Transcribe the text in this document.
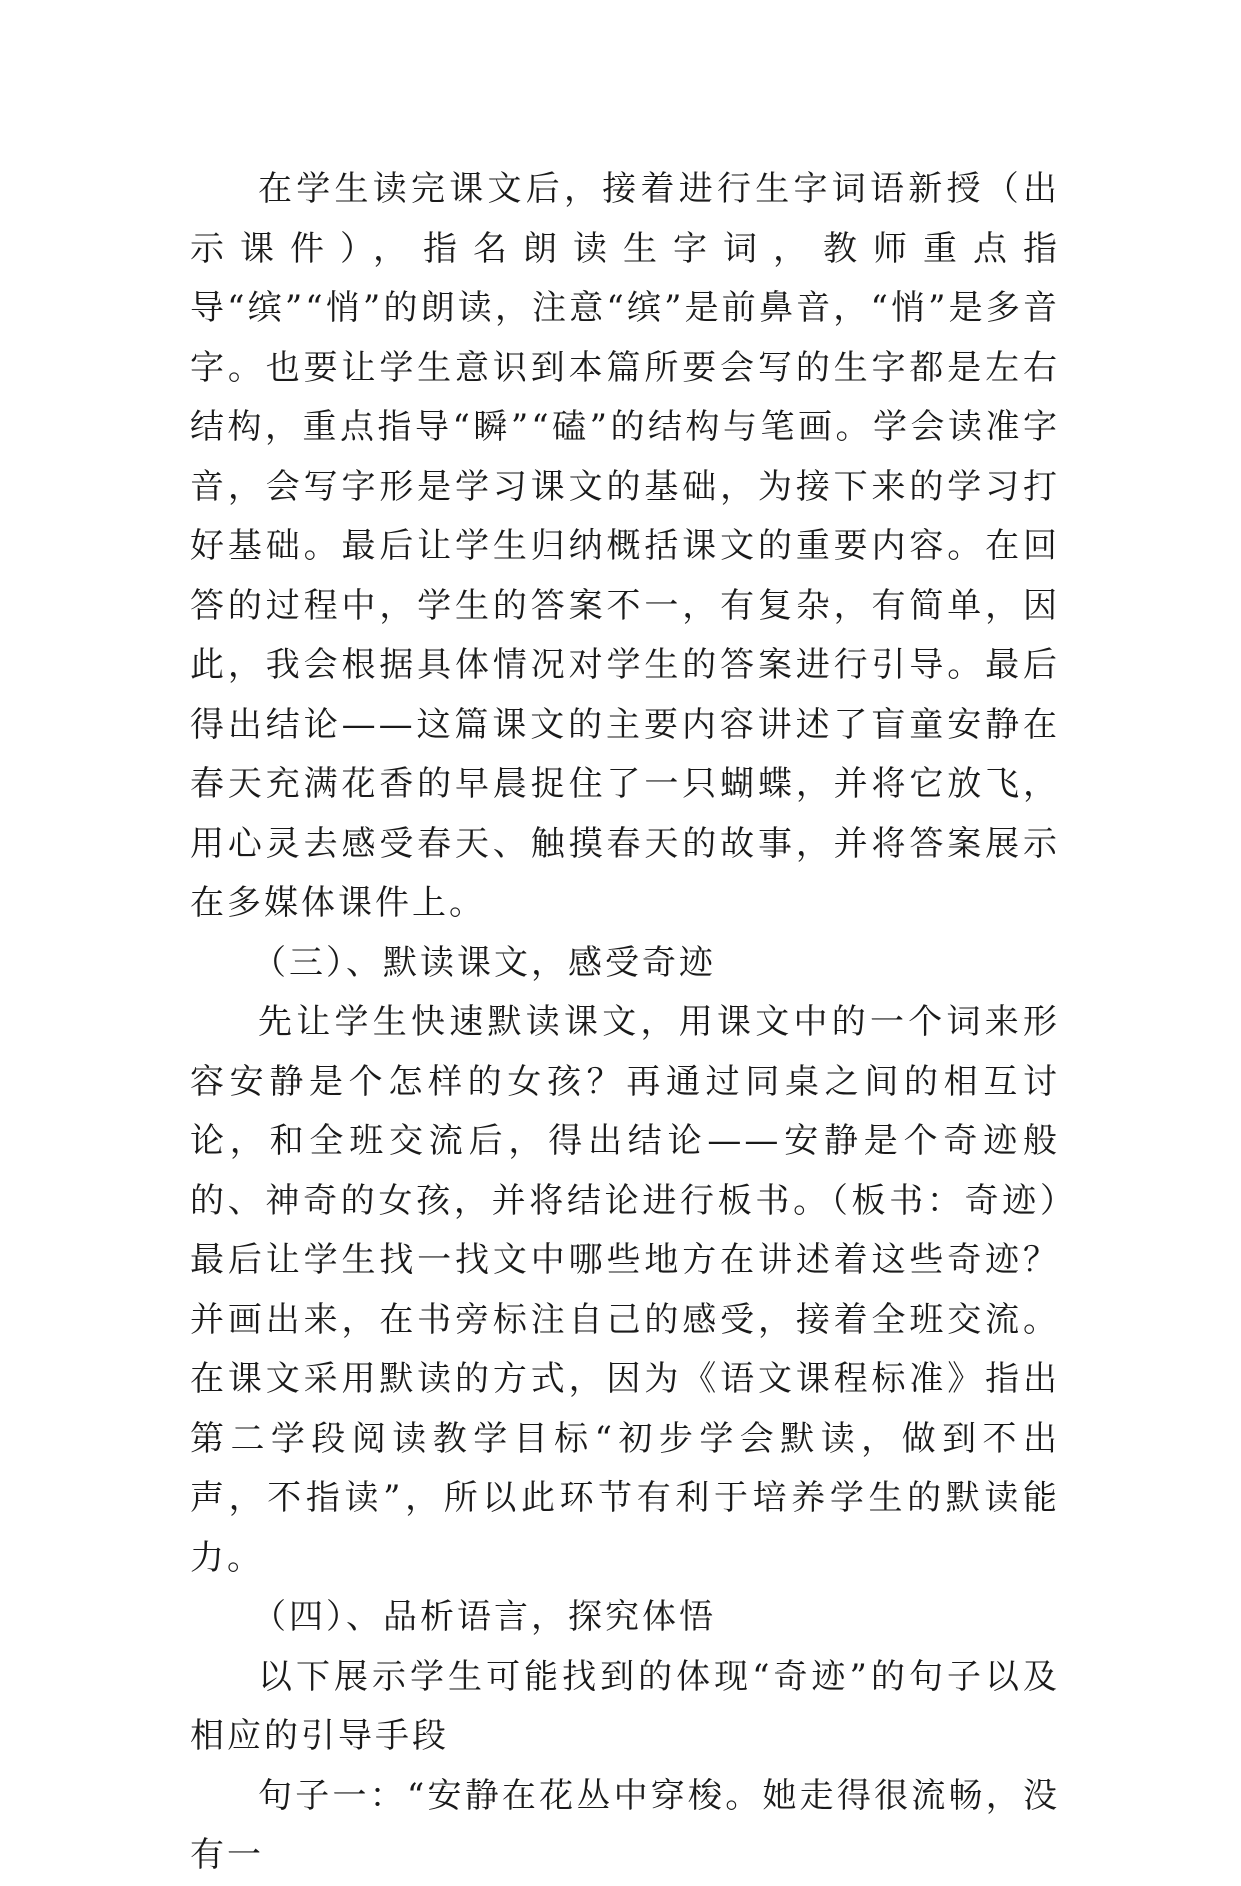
在学生读完课文后，接着进行生字词语新授（出示课件），指名朗读生字词，教师重点指导“缤”“悄”的朗读，注意“缤”是前鼻音，“悄”是多音字。也要让学生意识到本篇所要会写的生字都是左右结构，重点指导“瞬”“磕”的结构与笔画。学会读准字音，会写字形是学习课文的基础，为接下来的学习打好基础。最后让学生归纳概括课文的重要内容。在回答的过程中，学生的答案不一，有复杂，有简单，因此，我会根据具体情况对学生的答案进行引导。最后得出结论——这篇课文的主要内容讲述了盲童安静在春天充满花香的早晨捉住了一只蝴蝶，并将它放飞，用心灵去感受春天、触摸春天的故事，并将答案展示在多媒体课件上。

（三）、默读课文，感受奇迹

先让学生快速默读课文，用课文中的一个词来形容安静是个怎样的女孩？再通过同桌之间的相互讨论，和全班交流后，得出结论——安静是个奇迹般的、神奇的女孩，并将结论进行板书。（板书：奇迹）最后让学生找一找文中哪些地方在讲述着这些奇迹？并画出来，在书旁标注自己的感受，接着全班交流。在课文采用默读的方式，因为《语文课程标准》指出第二学段阅读教学目标“初步学会默读，做到不出声，不指读”，所以此环节有利于培养学生的默读能力。

（四）、品析语言，探究体悟

以下展示学生可能找到的体现“奇迹”的句子以及相应的引导手段

句子一：“安静在花丛中穿梭。她走得很流畅，没有一
